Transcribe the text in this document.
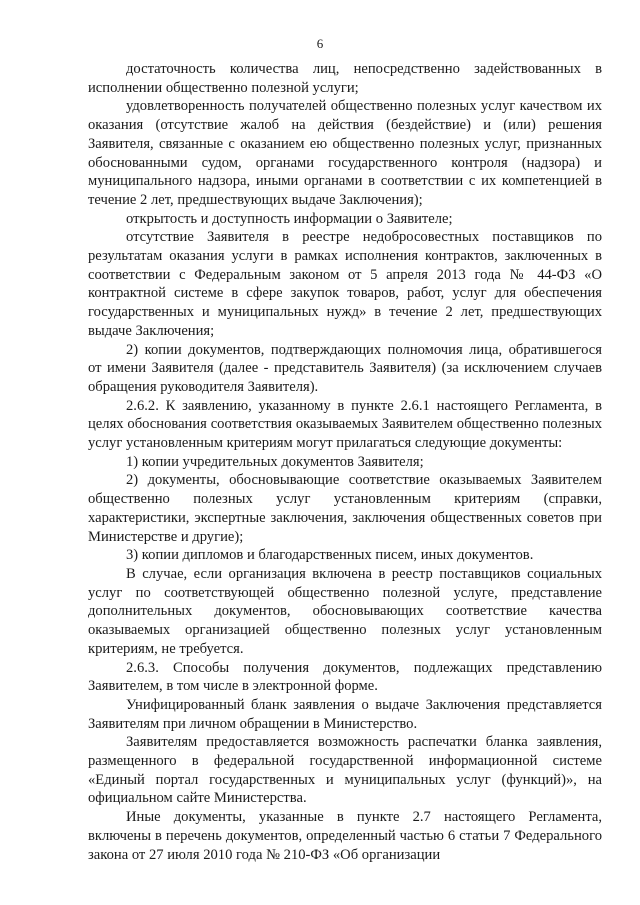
6

достаточность количества лиц, непосредственно задействованных в исполнении общественно полезной услуги;

удовлетворенность получателей общественно полезных услуг качеством их оказания (отсутствие жалоб на действия (бездействие) и (или) решения Заявителя, связанные с оказанием ею общественно полезных услуг, признанных обоснованными судом, органами государственного контроля (надзора) и муниципального надзора, иными органами в соответствии с их компетенцией в течение 2 лет, предшествующих выдаче Заключения);

открытость и доступность информации о Заявителе;

отсутствие Заявителя в реестре недобросовестных поставщиков по результатам оказания услуги в рамках исполнения контрактов, заключенных в соответствии с Федеральным законом от 5 апреля 2013 года № 44-ФЗ «О контрактной системе в сфере закупок товаров, работ, услуг для обеспечения государственных и муниципальных нужд» в течение 2 лет, предшествующих выдаче Заключения;

2) копии документов, подтверждающих полномочия лица, обратившегося от имени Заявителя (далее - представитель Заявителя) (за исключением случаев обращения руководителя Заявителя).

2.6.2. К заявлению, указанному в пункте 2.6.1 настоящего Регламента, в целях обоснования соответствия оказываемых Заявителем общественно полезных услуг установленным критериям могут прилагаться следующие документы:

1) копии учредительных документов Заявителя;

2) документы, обосновывающие соответствие оказываемых Заявителем общественно полезных услуг установленным критериям (справки, характеристики, экспертные заключения, заключения общественных советов при Министерстве и другие);

3) копии дипломов и благодарственных писем, иных документов.

В случае, если организация включена в реестр поставщиков социальных услуг по соответствующей общественно полезной услуге, представление дополнительных документов, обосновывающих соответствие качества оказываемых организацией общественно полезных услуг установленным критериям, не требуется.

2.6.3. Способы получения документов, подлежащих представлению Заявителем, в том числе в электронной форме.

Унифицированный бланк заявления о выдаче Заключения представляется Заявителям при личном обращении в Министерство.

Заявителям предоставляется возможность распечатки бланка заявления, размещенного в федеральной государственной информационной системе «Единый портал государственных и муниципальных услуг (функций)», на официальном сайте Министерства.

Иные документы, указанные в пункте 2.7 настоящего Регламента, включены в перечень документов, определенный частью 6 статьи 7 Федерального закона от 27 июля 2010 года № 210-ФЗ «Об организации
